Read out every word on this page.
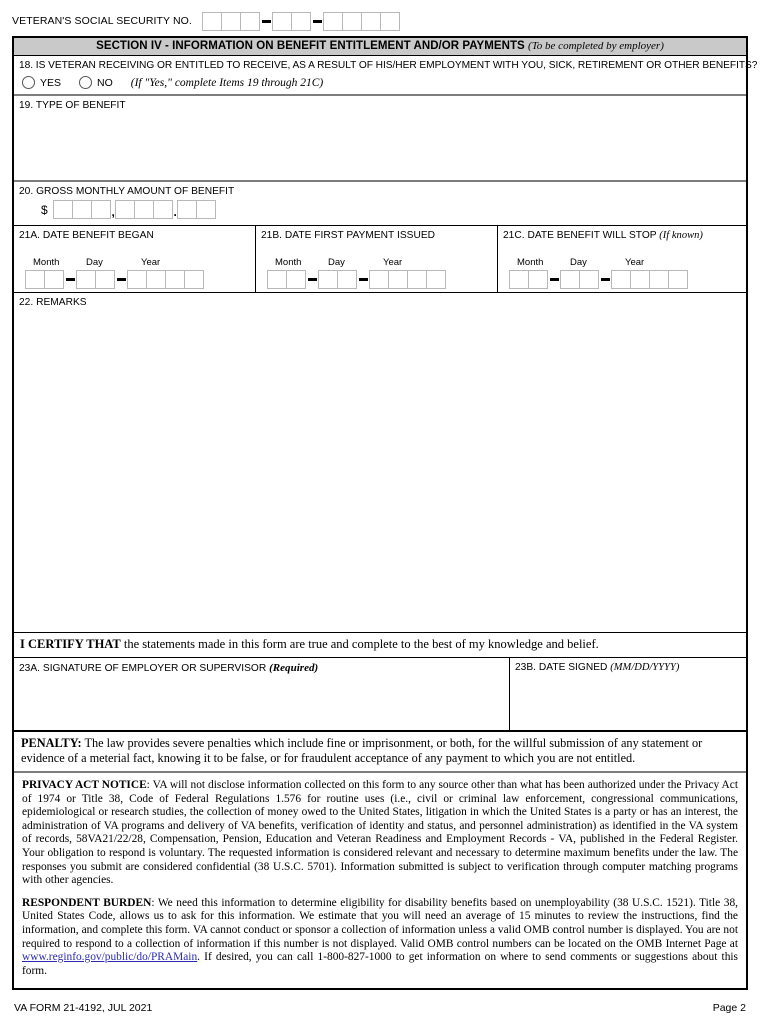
VETERAN'S SOCIAL SECURITY NO.
SECTION IV - INFORMATION ON BENEFIT ENTITLEMENT AND/OR PAYMENTS (To be completed by employer)
18. IS VETERAN RECEIVING OR ENTITLED TO RECEIVE, AS A RESULT OF HIS/HER EMPLOYMENT WITH YOU, SICK, RETIREMENT OR OTHER BENEFITS?
YES	NO (If "Yes," complete Items 19 through 21C)
19. TYPE OF BENEFIT
20. GROSS MONTHLY AMOUNT OF BENEFIT
$	,	.
21A. DATE BENEFIT BEGAN
Month	Day	Year
21B. DATE FIRST PAYMENT ISSUED
Month	Day	Year
21C. DATE BENEFIT WILL STOP (If known)
Month	Day	Year
22. REMARKS
I CERTIFY THAT the statements made in this form are true and complete to the best of my knowledge and belief.
23A. SIGNATURE OF EMPLOYER OR SUPERVISOR (Required)	23B. DATE SIGNED (MM/DD/YYYY)
PENALTY: The law provides severe penalties which include fine or imprisonment, or both, for the willful submission of any statement or evidence of a meterial fact, knowing it to be false, or for fraudulent acceptance of any payment to which you are not entitled.

PRIVACY ACT NOTICE: VA will not disclose information collected on this form to any source other than what has been authorized under the Privacy Act of 1974 or Title 38, Code of Federal Regulations 1.576 for routine uses (i.e., civil or criminal law enforcement, congressional communications, epidemiological or research studies, the collection of money owed to the United States, litigation in which the United States is a party or has an interest, the administration of VA programs and delivery of VA benefits, verification of identity and status, and personnel administration) as identified in the VA system of records, 58VA21/22/28, Compensation, Pension, Education and Veteran Readiness and Employment Records - VA, published in the Federal Register. Your obligation to respond is voluntary. The requested information is considered relevant and necessary to determine maximum benefits under the law. The responses you submit are considered confidential (38 U.S.C. 5701). Information submitted is subject to verification through computer matching programs with other agencies.

RESPONDENT BURDEN: We need this information to determine eligibility for disability benefits based on unemployability (38 U.S.C. 1521). Title 38, United States Code, allows us to ask for this information. We estimate that you will need an average of 15 minutes to review the instructions, find the information, and complete this form. VA cannot conduct or sponsor a collection of information unless a valid OMB control number is displayed. You are not required to respond to a collection of information if this number is not displayed. Valid OMB control numbers can be located on the OMB Internet Page at www.reginfo.gov/public/do/PRAMain. If desired, you can call 1-800-827-1000 to get information on where to send comments or suggestions about this form.

VA FORM 21-4192, JUL 2021	Page 2
